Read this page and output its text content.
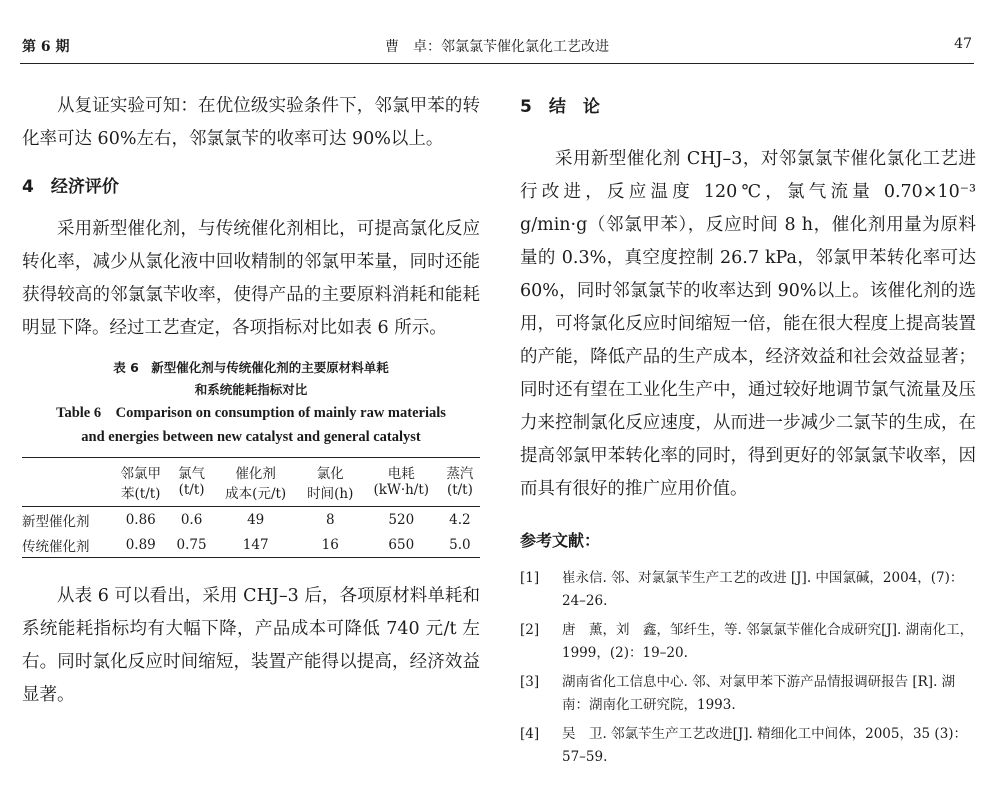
第 6 期	曹　卓：邻氯氯苄催化氯化工艺改进	47

从复证实验可知：在优位级实验条件下，邻氯甲苯的转化率可达 60%左右，邻氯氯苄的收率可达 90%以上。

4　经济评价

采用新型催化剂，与传统催化剂相比，可提高氯化反应转化率，减少从氯化液中回收精制的邻氯甲苯量，同时还能获得较高的邻氯氯苄收率，使得产品的主要原料消耗和能耗明显下降。经过工艺查定，各项指标对比如表 6 所示。

表 6　新型催化剂与传统催化剂的主要原材料单耗

和系统能耗指标对比

Table 6　Comparison on consumption of mainly raw materials

and energies between new catalyst and general catalyst

	邻氯甲	氯气	催化剂	氯化	电耗	蒸汽
	苯(t/t)	(t/t)	成本(元/t)	时间(h)	(kW·h/t)	(t/t)
新型催化剂	0.86	0.6	49	8	520	4.2
传统催化剂	0.89	0.75	147	16	650	5.0

从表 6 可以看出，采用 CHJ–3 后，各项原材料单耗和系统能耗指标均有大幅下降，产品成本可降低 740 元/t 左右。同时氯化反应时间缩短，装置产能得以提高，经济效益显著。

5　结　论

采用新型催化剂 CHJ–3，对邻氯氯苄催化氯化工艺进行改进，反应温度 120℃，氯气流量 0.70×10⁻³ g/min·g（邻氯甲苯），反应时间 8 h，催化剂用量为原料量的 0.3%，真空度控制 26.7 kPa，邻氯甲苯转化率可达 60%，同时邻氯氯苄的收率达到 90%以上。该催化剂的选用，可将氯化反应时间缩短一倍，能在很大程度上提高装置的产能，降低产品的生产成本，经济效益和社会效益显著；同时还有望在工业化生产中，通过较好地调节氯气流量及压力来控制氯化反应速度，从而进一步减少二氯苄的生成，在提高邻氯甲苯转化率的同时，得到更好的邻氯氯苄收率，因而具有很好的推广应用价值。

参考文献：

[1] 崔永信. 邻、对氯氯苄生产工艺的改进 [J]. 中国氯碱，2004，(7)：24–26.

[2] 唐　薰，刘　鑫，邹纤生，等. 邻氯氯苄催化合成研究[J]. 湖南化工，1999，(2)：19–20.

[3] 湖南省化工信息中心. 邻、对氯甲苯下游产品情报调研报告 [R]. 湖南：湖南化工研究院，1993.

[4] 吴　卫. 邻氯苄生产工艺改进[J]. 精细化工中间体，2005，35 (3)：57–59.
